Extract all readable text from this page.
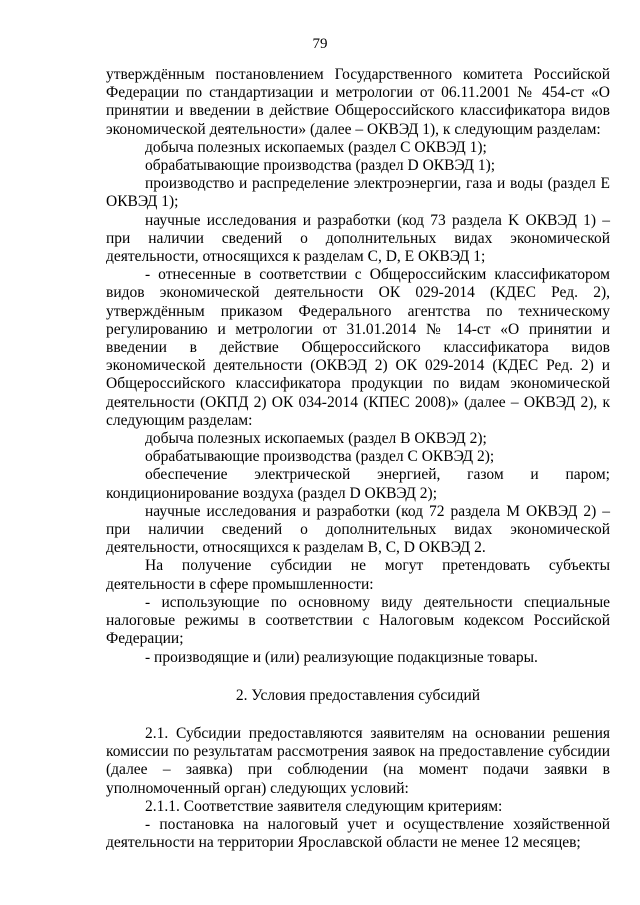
79

утверждённым постановлением Государственного комитета Российской Федерации по стандартизации и метрологии от 06.11.2001 № 454-ст «О принятии и введении в действие Общероссийского классификатора видов экономической деятельности» (далее – ОКВЭД 1), к следующим разделам:

добыча полезных ископаемых (раздел C ОКВЭД 1);

обрабатывающие производства (раздел D ОКВЭД 1);

производство и распределение электроэнергии, газа и воды (раздел E ОКВЭД 1);

научные исследования и разработки (код 73 раздела K ОКВЭД 1) – при наличии сведений о дополнительных видах экономической деятельности, относящихся к разделам C, D, E ОКВЭД 1;

- отнесенные в соответствии с Общероссийским классификатором видов экономической деятельности ОК 029-2014 (КДЕС Ред. 2), утверждённым приказом Федерального агентства по техническому регулированию и метрологии от 31.01.2014 № 14-ст «О принятии и введении в действие Общероссийского классификатора видов экономической деятельности (ОКВЭД 2) ОК 029-2014 (КДЕС Ред. 2) и Общероссийского классификатора продукции по видам экономической деятельности (ОКПД 2) ОК 034-2014 (КПЕС 2008)» (далее – ОКВЭД 2), к следующим разделам:

добыча полезных ископаемых (раздел B ОКВЭД 2);

обрабатывающие производства (раздел C ОКВЭД 2);

обеспечение электрической энергией, газом и паром; кондиционирование воздуха (раздел D ОКВЭД 2);

научные исследования и разработки (код 72 раздела M ОКВЭД 2) – при наличии сведений о дополнительных видах экономической деятельности, относящихся к разделам B, C, D ОКВЭД 2.

На получение субсидии не могут претендовать субъекты деятельности в сфере промышленности:

- использующие по основному виду деятельности специальные налоговые режимы в соответствии с Налоговым кодексом Российской Федерации;

- производящие и (или) реализующие подакцизные товары.

2. Условия предоставления субсидий

2.1. Субсидии предоставляются заявителям на основании решения комиссии по результатам рассмотрения заявок на предоставление субсидии (далее – заявка) при соблюдении (на момент подачи заявки в уполномоченный орган) следующих условий:

2.1.1. Соответствие заявителя следующим критериям:

- постановка на налоговый учет и осуществление хозяйственной деятельности на территории Ярославской области не менее 12 месяцев;
